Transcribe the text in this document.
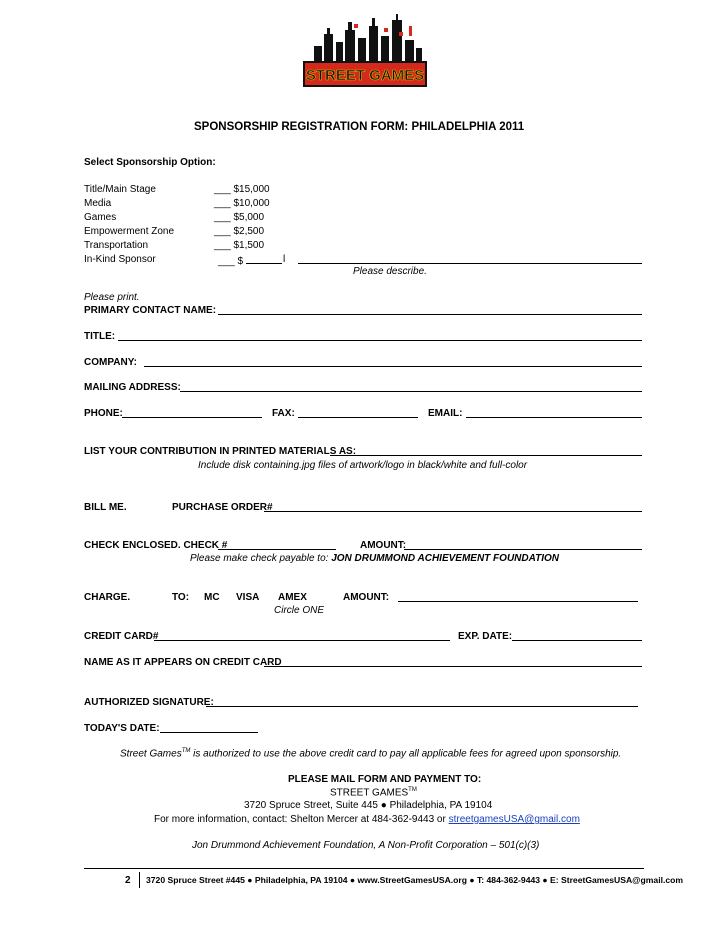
STREET GAMES
SPONSORSHIP REGISTRATION FORM: PHILADELPHIA 2011
Select Sponsorship Option:
Title/Main Stage	___ $15,000
Media	___ $10,000
Games	___ $5,000
Empowerment Zone	___ $2,500
Transportation	___ $1,500
In-Kind Sponsor	___ $	l
Please describe.
Please print.
PRIMARY CONTACT NAME:
TITLE:
COMPANY:
MAILING ADDRESS:
PHONE:	FAX:	EMAIL:
LIST YOUR CONTRIBUTION IN PRINTED MATERIALS AS:
Include disk containing.jpg files of artwork/logo in black/white and full-color
BILL ME.	PURCHASE ORDER#
CHECK ENCLOSED. CHECK #	AMOUNT:
Please make check payable to: JON DRUMMOND ACHIEVEMENT FOUNDATION
CHARGE.	TO: MC VISA AMEX	AMOUNT:
Circle ONE
CREDIT CARD#	EXP. DATE:
NAME AS IT APPEARS ON CREDIT CARD
AUTHORIZED SIGNATURE:
TODAY'S DATE:
Street Games™ is authorized to use the above credit card to pay all applicable fees for agreed upon sponsorship.
PLEASE MAIL FORM AND PAYMENT TO:
STREET GAMES™
3720 Spruce Street, Suite 445 ● Philadelphia, PA 19104
For more information, contact: Shelton Mercer at 484-362-9443 or streetgamesUSA@gmail.com
Jon Drummond Achievement Foundation, A Non-Profit Corporation – 501(c)(3)
2 3720 Spruce Street #445 ● Philadelphia, PA 19104 ● www.StreetGamesUSA.org ● T: 484-362-9443 ● E: StreetGamesUSA@gmail.com
